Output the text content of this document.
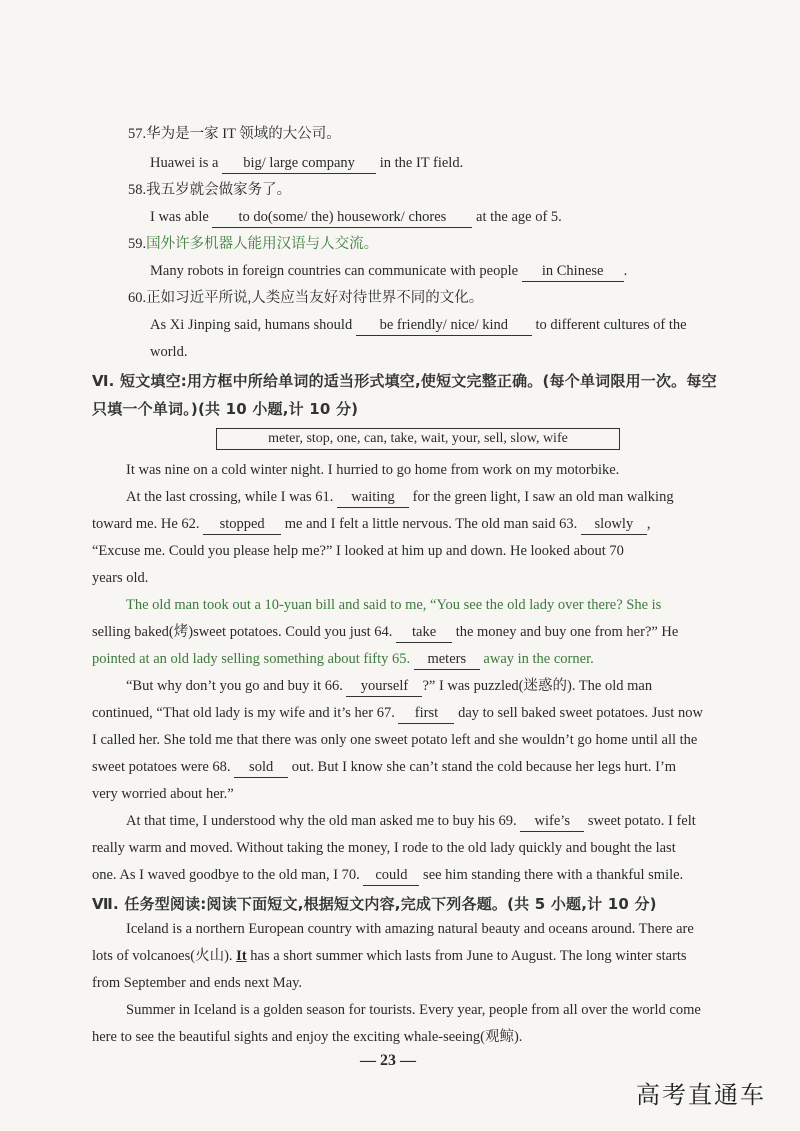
57.华为是一家 IT 领域的大公司。
Huawei is a big/ large company in the IT field.
58.我五岁就会做家务了。
I was able to do(some/ the) housework/ chores at the age of 5.
59.国外许多机器人能用汉语与人交流。
Many robots in foreign countries can communicate with people in Chinese .
60.正如习近平所说,人类应当友好对待世界不同的文化。
As Xi Jinping said, humans should be friendly/ nice/ kind to different cultures of the
world.
Ⅵ. 短文填空:用方框中所给单词的适当形式填空,使短文完整正确。(每个单词限用一次。每空
只填一个单词。)(共 10 小题,计 10 分)
meter, stop, one, can, take, wait, your, sell, slow, wife
It was nine on a cold winter night. I hurried to go home from work on my motorbike.
At the last crossing, while I was 61. waiting for the green light, I saw an old man walking
toward me. He 62. stopped me and I felt a little nervous. The old man said 63. slowly ,
“Excuse me. Could you please help me?” I looked at him up and down. He looked about 70
years old.
The old man took out a 10-yuan bill and said to me, “You see the old lady over there? She is
selling baked(烤)sweet potatoes. Could you just 64. take the money and buy one from her?” He
pointed at an old lady selling something about fifty 65. meters away in the corner.
“But why don’t you go and buy it 66. yourself ?” I was puzzled(迷惑的). The old man
continued, “That old lady is my wife and it’s her 67. first day to sell baked sweet potatoes. Just now
I called her. She told me that there was only one sweet potato left and she wouldn’t go home until all the
sweet potatoes were 68. sold out. But I know she can’t stand the cold because her legs hurt. I’m
very worried about her.”
At that time, I understood why the old man asked me to buy his 69. wife’s sweet potato. I felt
really warm and moved. Without taking the money, I rode to the old lady quickly and bought the last
one. As I waved goodbye to the old man, I 70. could see him standing there with a thankful smile.
Ⅶ. 任务型阅读:阅读下面短文,根据短文内容,完成下列各题。(共 5 小题,计 10 分)
Iceland is a northern European country with amazing natural beauty and oceans around. There are
lots of volcanoes(火山). It has a short summer which lasts from June to August. The long winter starts
from September and ends next May.
Summer in Iceland is a golden season for tourists. Every year, people from all over the world come
here to see the beautiful sights and enjoy the exciting whale-seeing(观鲸).
— 23 —
高考直通车
